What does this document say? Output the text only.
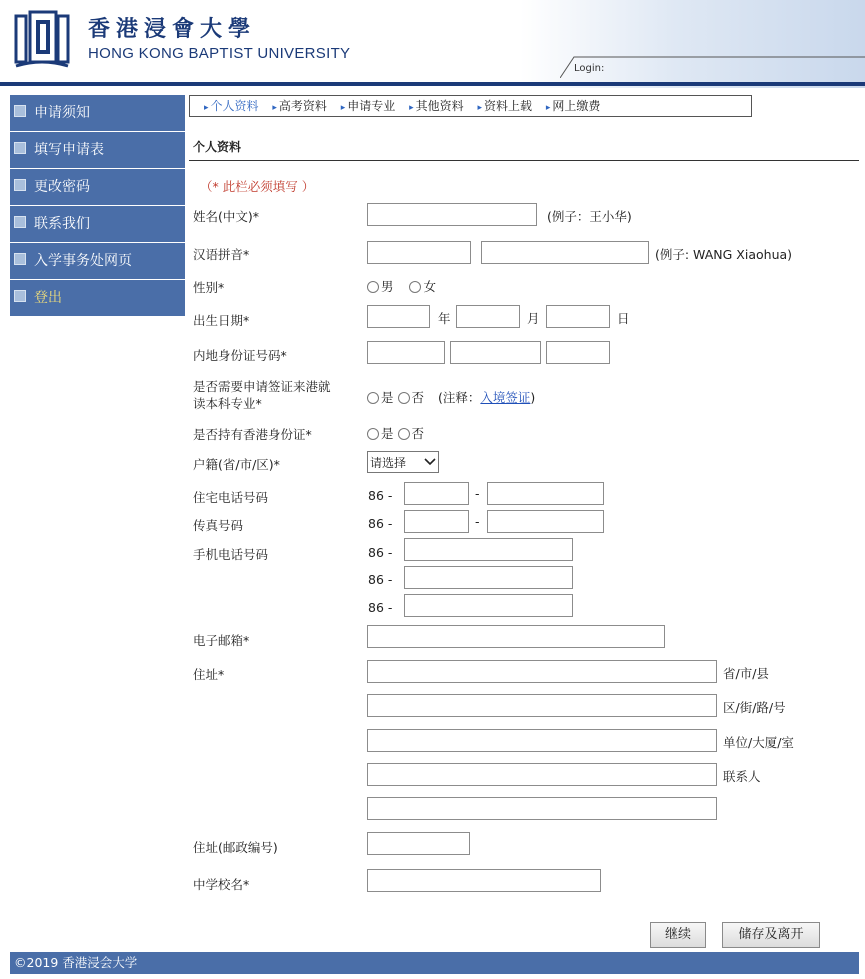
香港浸會大學
HONG KONG BAPTIST UNIVERSITY
Login:
申请须知
填写申请表
更改密码
联系我们
入学事务处网页
登出
▸ 个人资料 ▸ 高考资料 ▸ 申请专业 ▸ 其他资料 ▸ 资料上载 ▸ 网上缴费
个人资料
（* 此栏必须填写 ）
姓名(中文)*	(例子：王小华)
汉语拼音*	(例子: WANG Xiaohua)
性别*	男 女
出生日期*	年	月	日
内地身份证号码*
是否需要申请签证来港就
读本科专业*	是 否 (注释：入境签证)
是否持有香港身份证*	是 否
户籍(省/市/区)*	请选择
住宅电话号码	86 -	-
传真号码	86 -	-
手机电话号码	86 -
86 -
86 -
电子邮箱*
住址*	省/市/县
区/街/路/号
单位/大厦/室
联系人
住址(邮政编号)
中学校名*
继续	储存及离开
©2019 香港浸会大学
